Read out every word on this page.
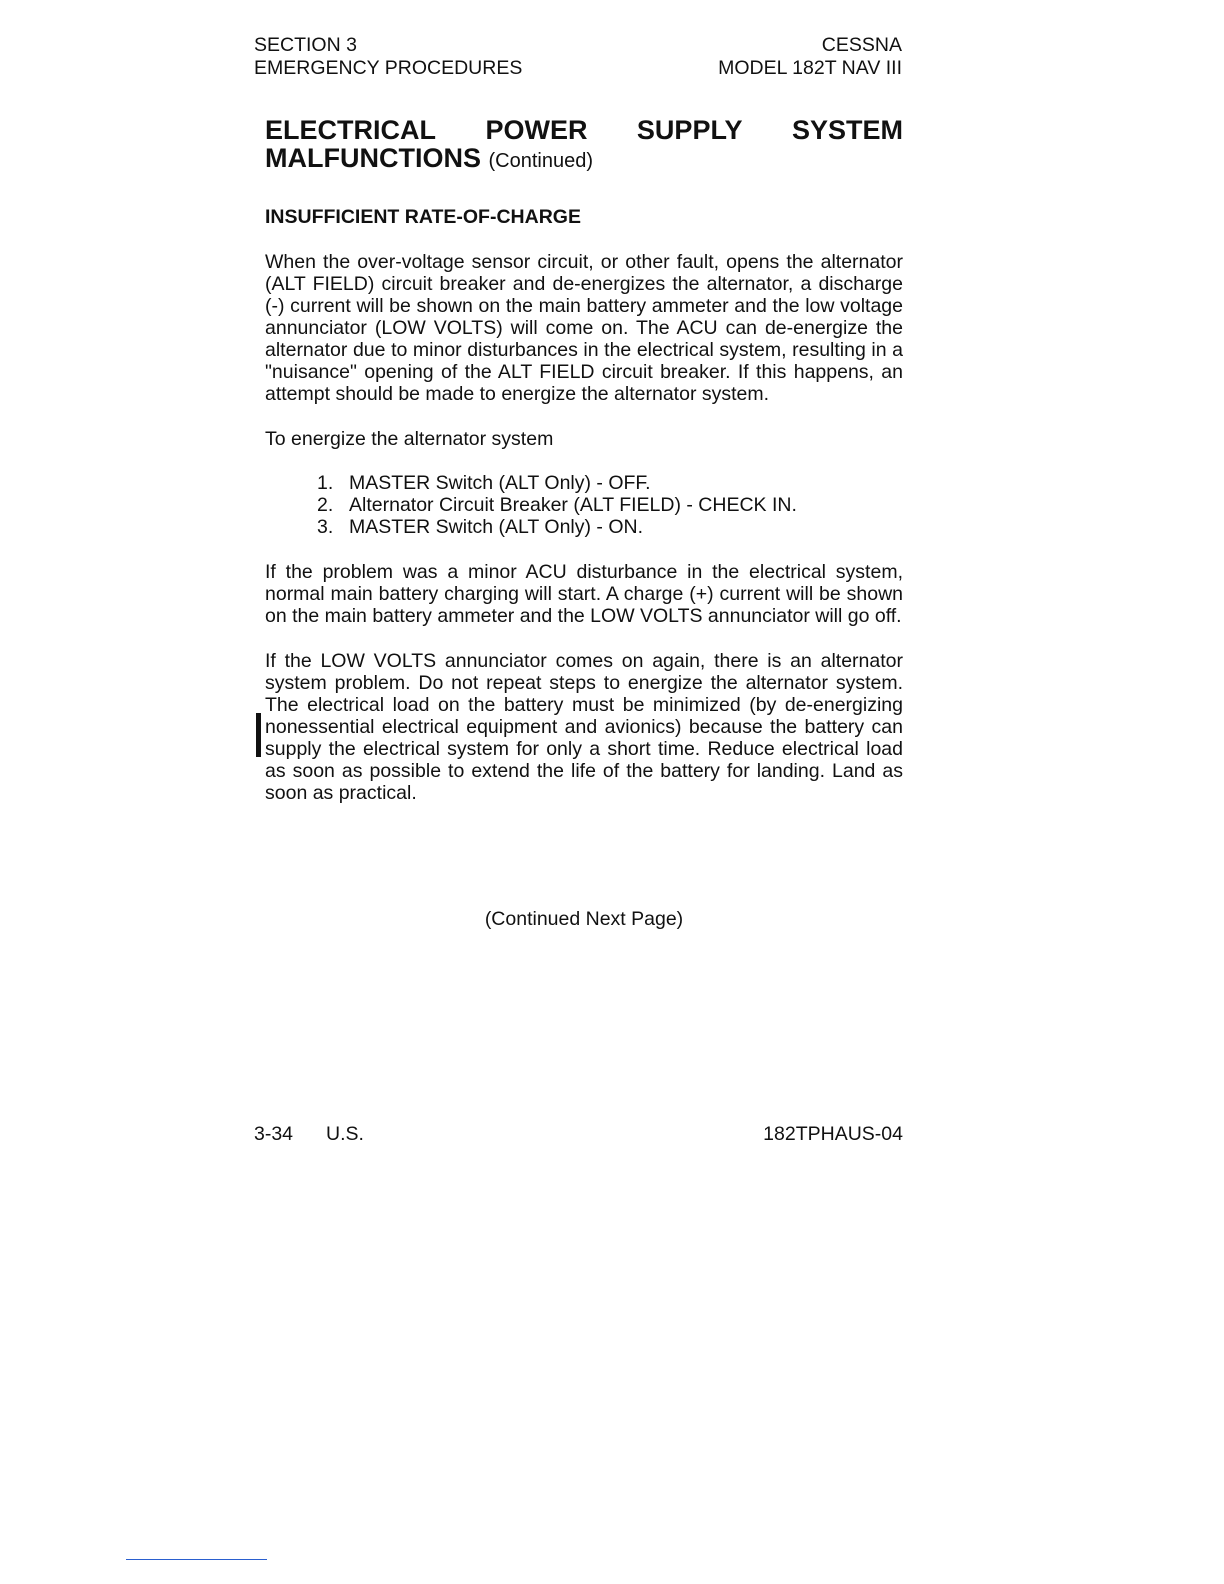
SECTION 3
EMERGENCY PROCEDURES
CESSNA
MODEL 182T NAV III
ELECTRICAL POWER SUPPLY SYSTEM
MALFUNCTIONS (Continued)
INSUFFICIENT RATE-OF-CHARGE

When the over-voltage sensor circuit, or other fault, opens the alternator (ALT FIELD) circuit breaker and de-energizes the alternator, a discharge (-) current will be shown on the main battery ammeter and the low voltage annunciator (LOW VOLTS) will come on. The ACU can de-energize the alternator due to minor disturbances in the electrical system, resulting in a "nuisance" opening of the ALT FIELD circuit breaker. If this happens, an attempt should be made to energize the alternator system.

To energize the alternator system

1. MASTER Switch (ALT Only) - OFF.
2. Alternator Circuit Breaker (ALT FIELD) - CHECK IN.
3. MASTER Switch (ALT Only) - ON.

If the problem was a minor ACU disturbance in the electrical system, normal main battery charging will start. A charge (+) current will be shown on the main battery ammeter and the LOW VOLTS annunciator will go off.

If the LOW VOLTS annunciator comes on again, there is an alternator system problem. Do not repeat steps to energize the alternator system. The electrical load on the battery must be minimized (by de-energizing nonessential electrical equipment and avionics) because the battery can supply the electrical system for only a short time. Reduce electrical load as soon as possible to extend the life of the battery for landing. Land as soon as practical.

(Continued Next Page)
3-34 U.S.	182TPHAUS-04
